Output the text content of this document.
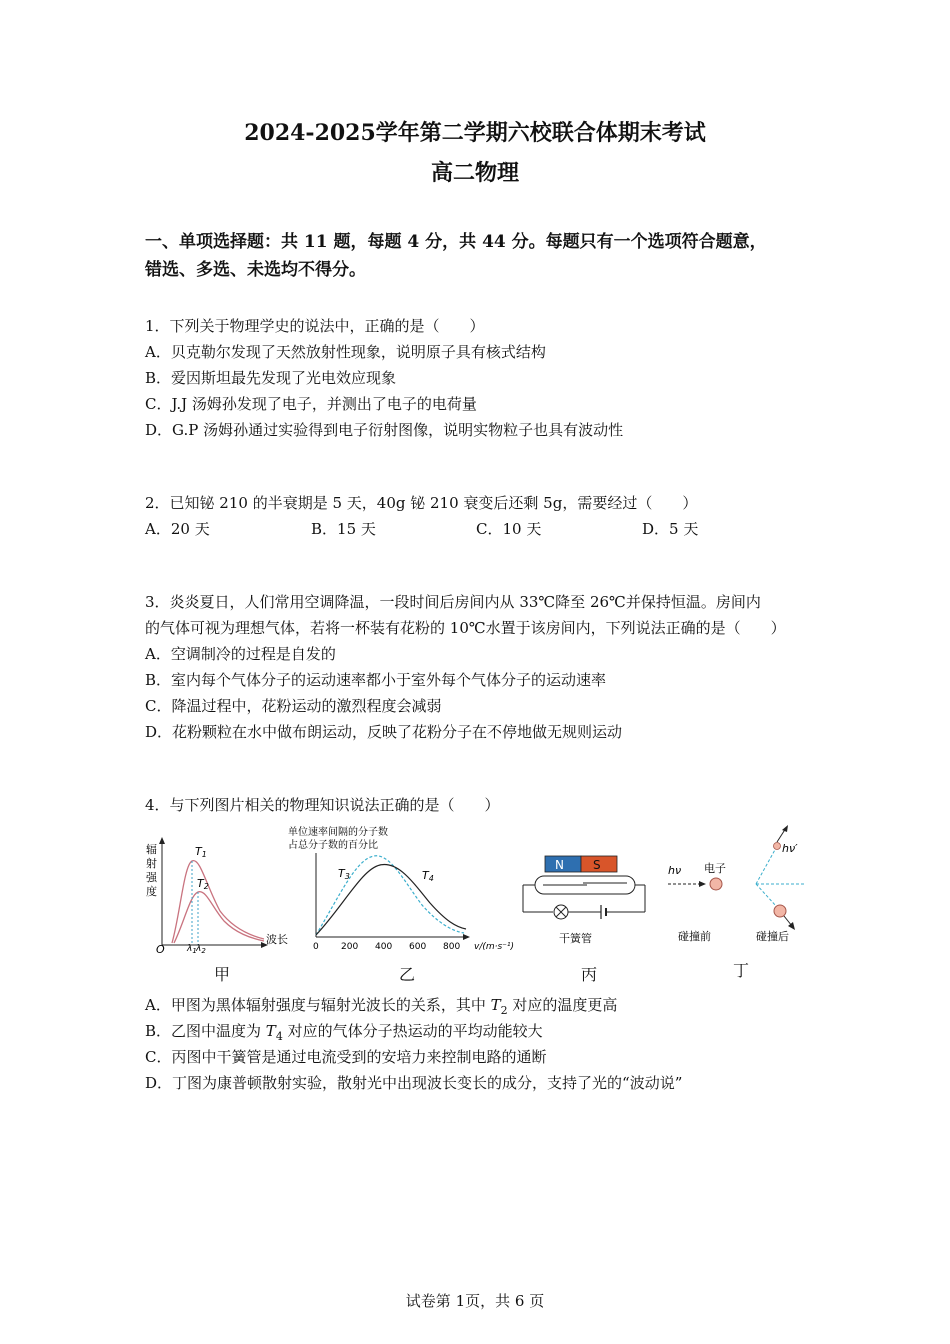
2024-2025学年第二学期六校联合体期末考试
高二物理
一、单项选择题：共 11 题，每题 4 分，共 44 分。每题只有一个选项符合题意，
错选、多选、未选均不得分。
1．下列关于物理学史的说法中，正确的是（　　）
A．贝克勒尔发现了天然放射性现象，说明原子具有核式结构
B．爱因斯坦最先发现了光电效应现象
C．J.J 汤姆孙发现了电子，并测出了电子的电荷量
D．G.P 汤姆孙通过实验得到电子衍射图像，说明实物粒子也具有波动性
2．已知铋 210 的半衰期是 5 天，40g 铋 210 衰变后还剩 5g，需要经过（　　）
A．20 天	B．15 天	C．10 天	D．5 天
3．炎炎夏日，人们常用空调降温，一段时间后房间内从 33℃降至 26℃并保持恒温。房间内
的气体可视为理想气体，若将一杯装有花粉的 10℃水置于该房间内，下列说法正确的是（　　）
A．空调制冷的过程是自发的
B．室内每个气体分子的运动速率都小于室外每个气体分子的运动速率
C．降温过程中，花粉运动的激烈程度会减弱
D．花粉颗粒在水中做布朗运动，反映了花粉分子在不停地做无规则运动
4．与下列图片相关的物理知识说法正确的是（　　）
辐
射
强
度
O
波长
T1
T2
$\lambda_1$ $\lambda_2$
甲
单位速率间隔的分子数
占总分子数的百分比
0 200 400 600 800 v/(m·s⁻¹)
T3	T4
乙
N S
干簧管
丙
hν 电子
hν′
碰撞前	碰撞后
丁
A．甲图为黑体辐射强度与辐射光波长的关系，其中 $T_2$ 对应的温度更高
B．乙图中温度为 $T_4$ 对应的气体分子热运动的平均动能较大
C．丙图中干簧管是通过电流受到的安培力来控制电路的通断
D．丁图为康普顿散射实验，散射光中出现波长变长的成分，支持了光的“波动说”
试卷第 1页，共 6 页
